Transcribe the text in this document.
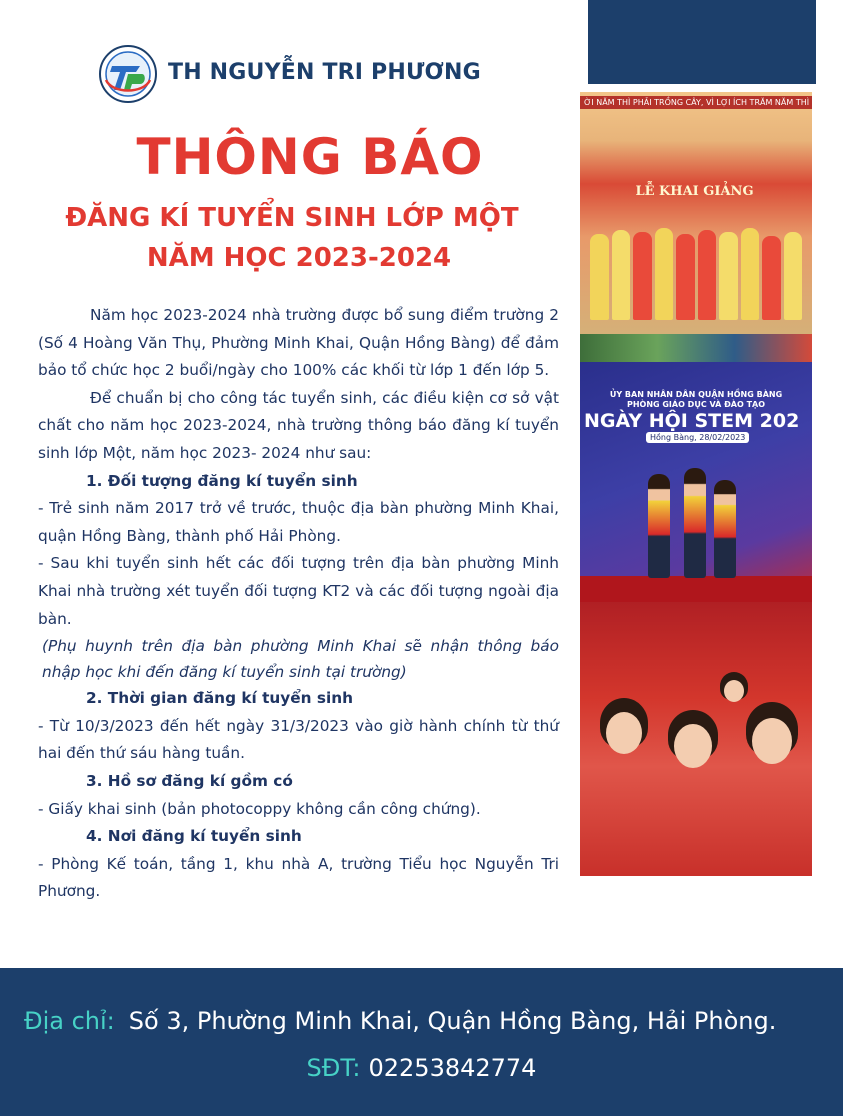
TH NGUYỄN TRI PHƯƠNG
THÔNG BÁO
ĐĂNG KÍ TUYỂN SINH LỚP MỘT
NĂM HỌC 2023-2024

Năm học 2023-2024 nhà trường được bổ sung điểm trường 2 (Số 4 Hoàng Văn Thụ, Phường Minh Khai, Quận Hồng Bàng) để đảm bảo tổ chức học 2 buổi/ngày cho 100% các khối từ lớp 1 đến lớp 5.

Để chuẩn bị cho công tác tuyển sinh, các điều kiện cơ sở vật chất cho năm học 2023-2024, nhà trường thông báo đăng kí tuyển sinh lớp Một, năm học 2023- 2024 như sau:

1. Đối tượng đăng kí tuyển sinh

- Trẻ sinh năm 2017 trở về trước, thuộc địa bàn phường Minh Khai, quận Hồng Bàng, thành phố Hải Phòng.

- Sau khi tuyển sinh hết các đối tượng trên địa bàn phường Minh Khai nhà trường xét tuyển đối tượng KT2 và các đối tượng ngoài địa bàn.

(Phụ huynh trên địa bàn phường Minh Khai sẽ nhận thông báo nhập học khi đến đăng kí tuyển sinh tại trường)

2. Thời gian đăng kí tuyển sinh

- Từ 10/3/2023 đến hết ngày 31/3/2023 vào giờ hành chính từ thứ hai đến thứ sáu hàng tuần.

3. Hồ sơ đăng kí gồm có

- Giấy khai sinh (bản photocoppy không cần công chứng).

4. Nơi đăng kí tuyển sinh

- Phòng Kế toán, tầng 1, khu nhà A, trường Tiểu học Nguyễn Tri Phương.

ỜI NĂM THÌ PHẢI TRỒNG CÂY, VÌ LỢI ÍCH TRĂM NĂM THÌ
LỄ KHAI GIẢNG
ỦY BAN NHÂN DÂN QUẬN HỒNG BÀNG
PHÒNG GIÁO DỤC VÀ ĐÀO TẠO
NGÀY HỘI STEM 202
Hồng Bàng, 28/02/2023
Địa chỉ: Số 3, Phường Minh Khai, Quận Hồng Bàng, Hải Phòng.
SĐT: 02253842774
